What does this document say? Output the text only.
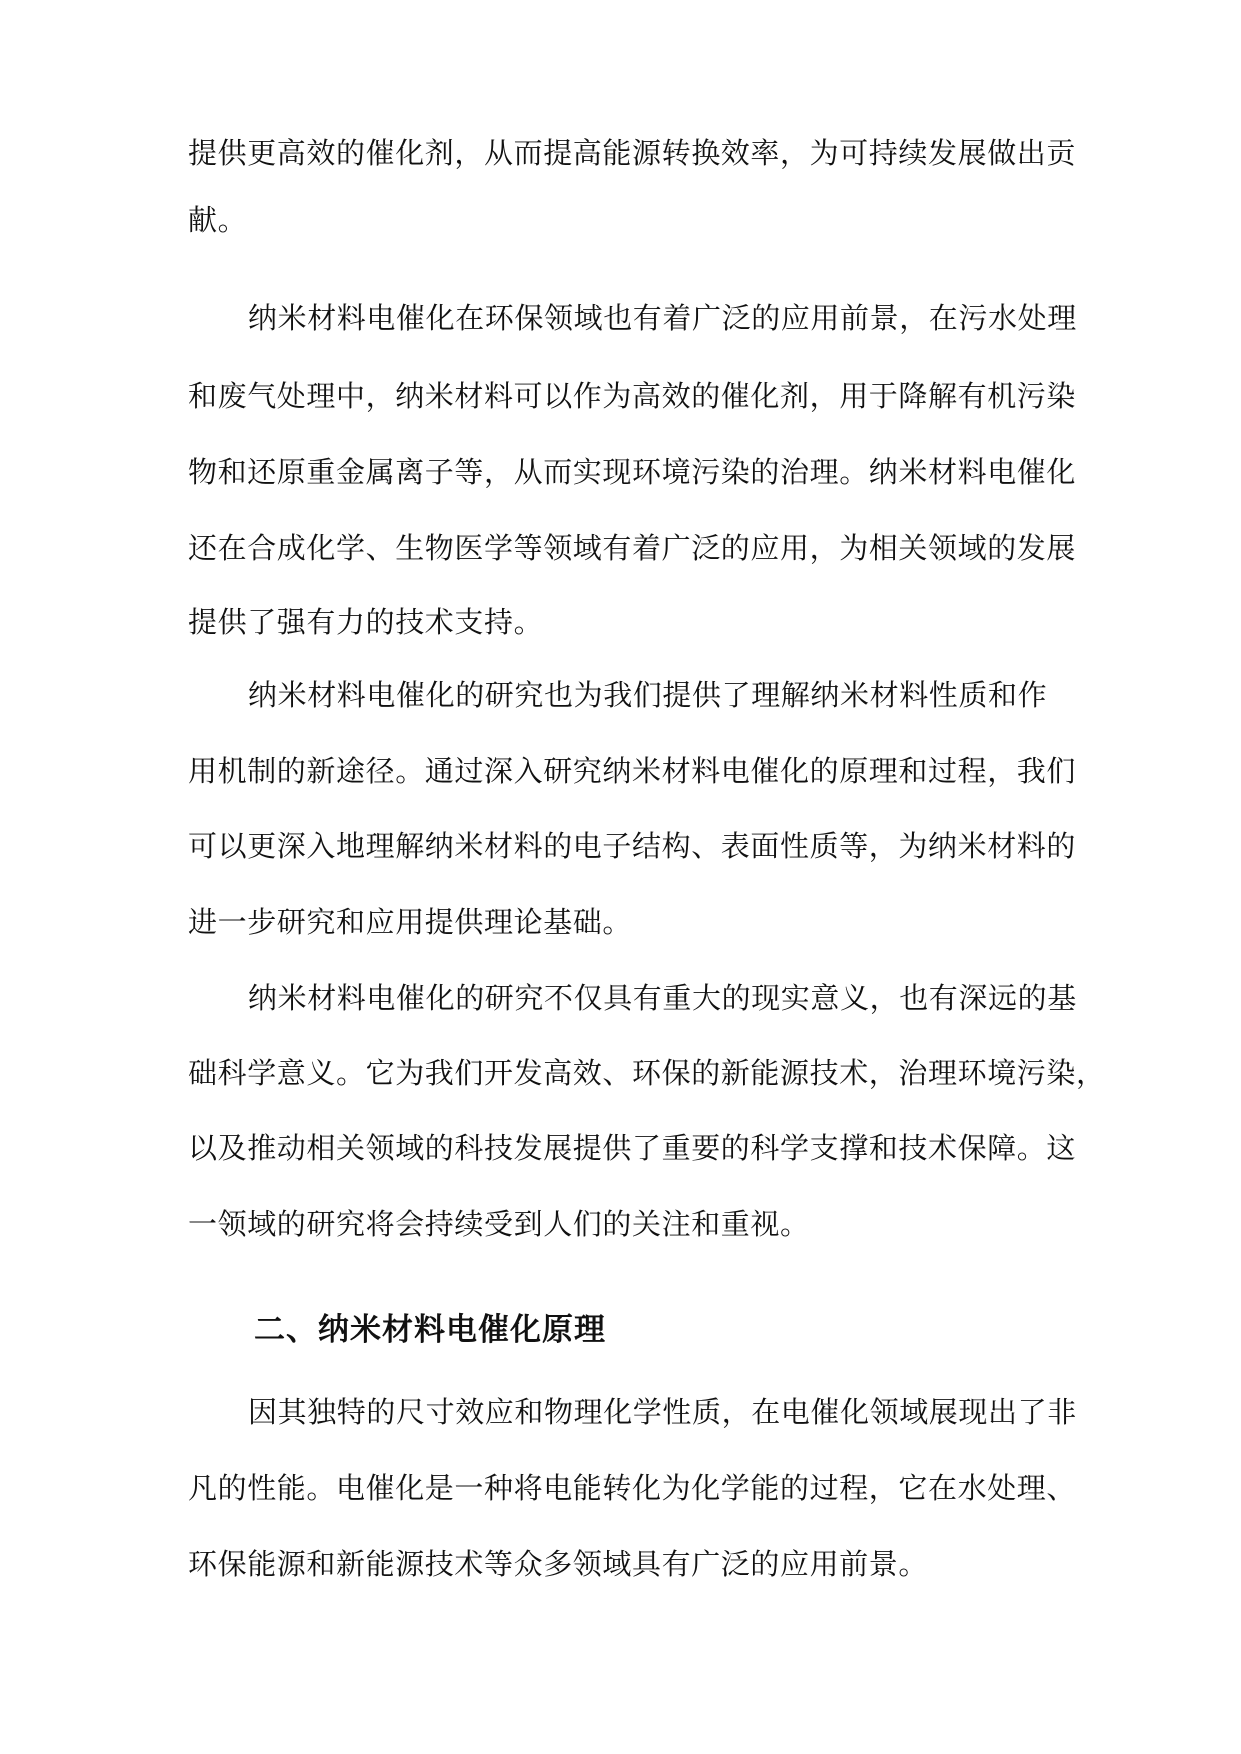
提供更高效的催化剂，从而提高能源转换效率，为可持续发展做出贡
献。
纳米材料电催化在环保领域也有着广泛的应用前景，在污水处理
和废气处理中，纳米材料可以作为高效的催化剂，用于降解有机污染
物和还原重金属离子等，从而实现环境污染的治理。纳米材料电催化
还在合成化学、生物医学等领域有着广泛的应用，为相关领域的发展
提供了强有力的技术支持。
纳米材料电催化的研究也为我们提供了理解纳米材料性质和作
用机制的新途径。通过深入研究纳米材料电催化的原理和过程，我们
可以更深入地理解纳米材料的电子结构、表面性质等，为纳米材料的
进一步研究和应用提供理论基础。
纳米材料电催化的研究不仅具有重大的现实意义，也有深远的基
础科学意义。它为我们开发高效、环保的新能源技术，治理环境污染，
以及推动相关领域的科技发展提供了重要的科学支撑和技术保障。这
一领域的研究将会持续受到人们的关注和重视。
二、纳米材料电催化原理
因其独特的尺寸效应和物理化学性质，在电催化领域展现出了非
凡的性能。电催化是一种将电能转化为化学能的过程，它在水处理、
环保能源和新能源技术等众多领域具有广泛的应用前景。
